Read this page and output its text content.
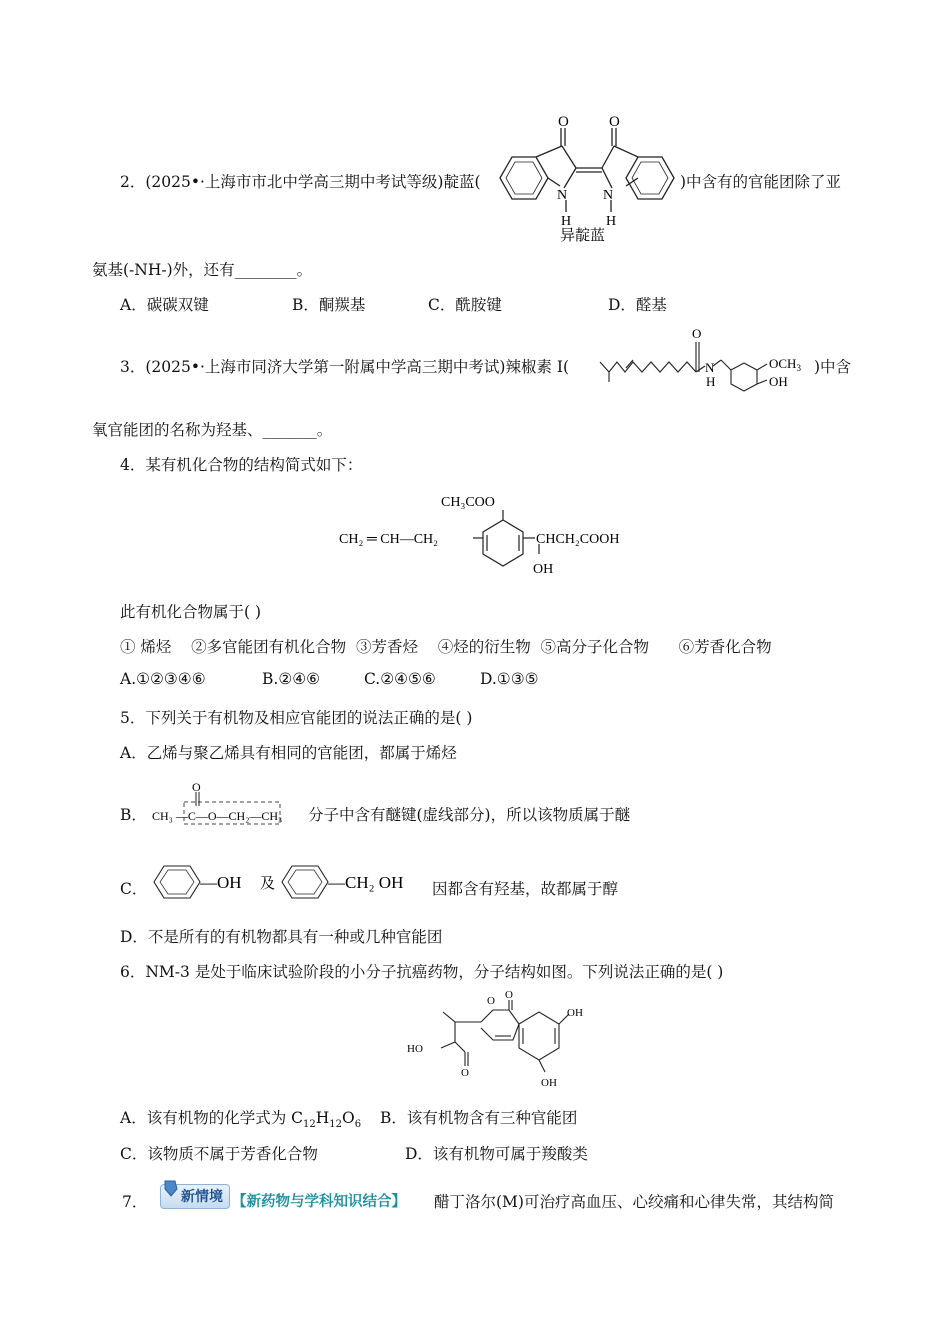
2．(2025•·上海市市北中学高三期中考试等级)靛蓝(
O	O
N	N
H H
异靛蓝
)中含有的官能团除了亚
氨基(-NH-)外，还有________。
A．碳碳双键	B．酮羰基	C．酰胺键	D．醛基
3．(2025•·上海市同济大学第一附属中学高三期中考试)辣椒素 I(
O
N
H
$OCH_3$
OH
)中含
氧官能团的名称为羟基、_______。
4．某有机化合物的结构简式如下：
CH₃COO
CH₂ ═ CH—CH₂	CHCH₂COOH
OH
此有机化合物属于( )
① 烯烃    ②多官能团有机化合物  ③芳香烃    ④烃的衍生物  ⑤高分子化合物      ⑥芳香化合物
A.①②③④⑥	B.②④⑥	C.②④⑤⑥	D.①③⑤
5．下列关于有机物及相应官能团的说法正确的是( )
A．乙烯与聚乙烯具有相同的官能团，都属于烯烃
B．
O
CH₃ —C—O—CH₂—CH₃ 分子中含有醚键(虚线部分)，所以该物质属于醚
C．	—OH 及	—CH₂ OH 因都含有羟基，故都属于醇
D．不是所有的有机物都具有一种或几种官能团
6．NM-3 是处于临床试验阶段的小分子抗癌药物，分子结构如图。下列说法正确的是( )
O O
OH
OH
HO
O
A．该有机物的化学式为 $C_{12}H_{12}O_6$ B．该有机物含有三种官能团
C．该物质不属于芳香化合物	D．该有机物可属于羧酸类
7．	新情境 【新药物与学科知识结合】 醋丁洛尔(M)可治疗高血压、心绞痛和心律失常，其结构简
